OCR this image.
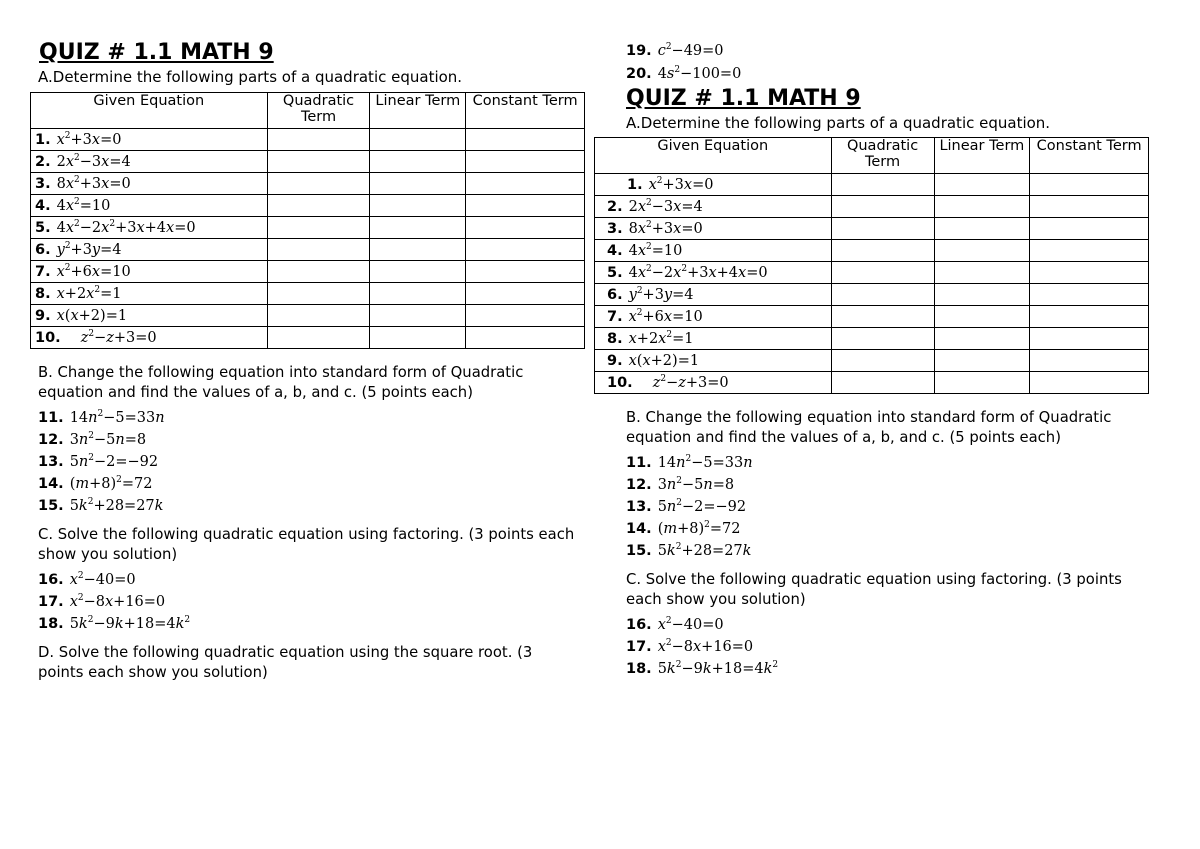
QUIZ # 1.1 MATH 9

A.Determine the following parts of a quadratic equation.

Given Equation	Quadratic Term	Linear Term	Constant Term
1. $x^2+3x=0$			
2. $2x^2-3x=4$			
3. $8x^2+3x=0$			
4. $4x^2=10$			
5. $4x^2-2x^2+3x+4x=0$			
6. $y^2+3y=4$			
7. $x^2+6x=10$			
8. $x+2x^2=1$			
9. x(x+2)=1			
10. $z^2-z+3=0$			

B. Change the following equation into standard form of Quadratic equation and find the values of a, b, and c. (5 points each)

11. $14n^2-5=33n$
12. $3n^2-5n=8$
13. $5n^2-2=-92$
14. $(m+8)^2=72$
15. $5k^2+28=27k$

C. Solve the following quadratic equation using factoring. (3 points each show you solution)

16. $x^2-40=0$
17. $x^2-8x+16=0$
18. $5k^2-9k+18=4k^2$

D. Solve the following quadratic equation using the square root. (3 points each show you solution)

19. $c^2-49=0$
20. $4s^2-100=0$

QUIZ # 1.1 MATH 9

A.Determine the following parts of a quadratic equation.

Given Equation	Quadratic Term	Linear Term	Constant Term
1. $x^2+3x=0$			
2. $2x^2-3x=4$			
3. $8x^2+3x=0$			
4. $4x^2=10$			
5. $4x^2-2x^2+3x+4x=0$			
6. $y^2+3y=4$			
7. $x^2+6x=10$			
8. $x+2x^2=1$			
9. x(x+2)=1			
10. $z^2-z+3=0$			

B. Change the following equation into standard form of Quadratic equation and find the values of a, b, and c. (5 points each)

11. $14n^2-5=33n$
12. $3n^2-5n=8$
13. $5n^2-2=-92$
14. $(m+8)^2=72$
15. $5k^2+28=27k$

C. Solve the following quadratic equation using factoring. (3 points each show you solution)

16. $x^2-40=0$
17. $x^2-8x+16=0$
18. $5k^2-9k+18=4k^2$
